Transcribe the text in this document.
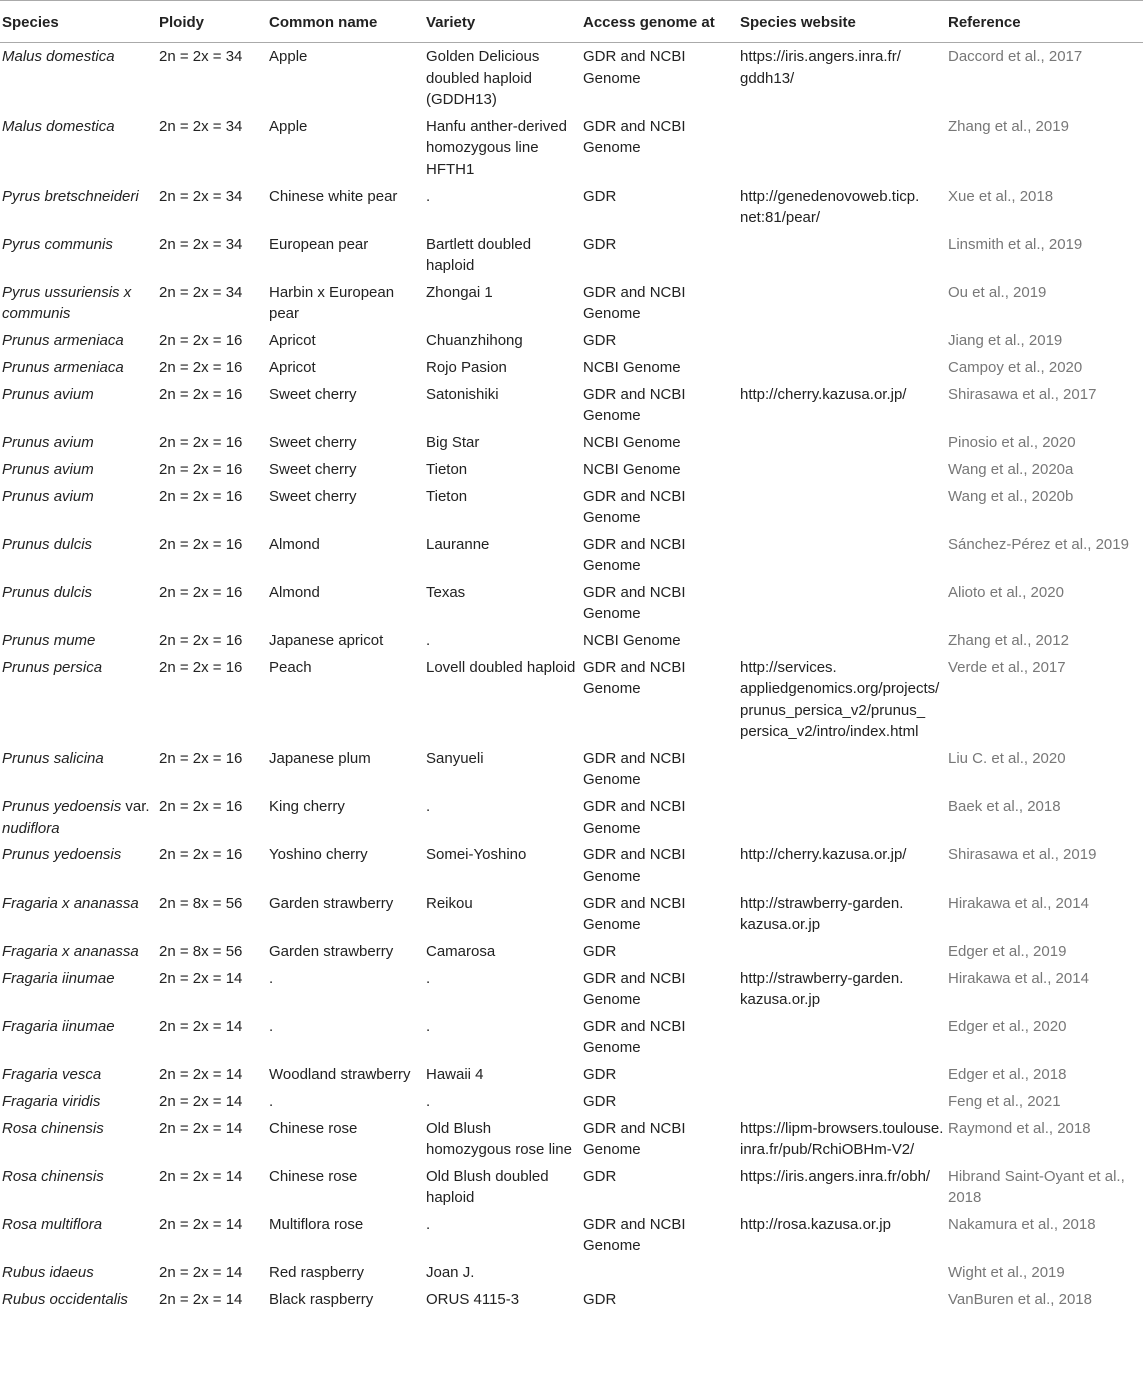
Species	Ploidy	Common name	Variety	Access genome at	Species website	Reference
Malus domestica	2n = 2x = 34	Apple	Golden Delicious doubled haploid (GDDH13)	GDR and NCBI Genome	https:/​/​iris.​angers.​inra.​fr/​gddh13/​	Daccord et al., 2017
Malus domestica	2n = 2x = 34	Apple	Hanfu anther-derived homozygous line HFTH1	GDR and NCBI Genome		Zhang et al., 2019
Pyrus bretschneideri	2n = 2x = 34	Chinese white pear	.	GDR	http:/​/​genedenovoweb.​ticp.​net:81/​pear/​	Xue et al., 2018
Pyrus communis	2n = 2x = 34	European pear	Bartlett doubled haploid	GDR		Linsmith et al., 2019
Pyrus ussuriensis x communis	2n = 2x = 34	Harbin x European pear	Zhongai 1	GDR and NCBI Genome		Ou et al., 2019
Prunus armeniaca	2n = 2x = 16	Apricot	Chuanzhihong	GDR		Jiang et al., 2019
Prunus armeniaca	2n = 2x = 16	Apricot	Rojo Pasion	NCBI Genome		Campoy et al., 2020
Prunus avium	2n = 2x = 16	Sweet cherry	Satonishiki	GDR and NCBI Genome	http:/​/​cherry.​kazusa.​or.​jp/​	Shirasawa et al., 2017
Prunus avium	2n = 2x = 16	Sweet cherry	Big Star	NCBI Genome		Pinosio et al., 2020
Prunus avium	2n = 2x = 16	Sweet cherry	Tieton	NCBI Genome		Wang et al., 2020a
Prunus avium	2n = 2x = 16	Sweet cherry	Tieton	GDR and NCBI Genome		Wang et al., 2020b
Prunus dulcis	2n = 2x = 16	Almond	Lauranne	GDR and NCBI Genome		Sánchez-Pérez et al., 2019
Prunus dulcis	2n = 2x = 16	Almond	Texas	GDR and NCBI Genome		Alioto et al., 2020
Prunus mume	2n = 2x = 16	Japanese apricot	.	NCBI Genome		Zhang et al., 2012
Prunus persica	2n = 2x = 16	Peach	Lovell doubled haploid	GDR and NCBI Genome	http:/​/​services.​appliedgenomics.​org/​projects/​prunus_​persica_​v2/​prunus_​persica_​v2/​intro/​index.​html	Verde et al., 2017
Prunus salicina	2n = 2x = 16	Japanese plum	Sanyueli	GDR and NCBI Genome		Liu C. et al., 2020
Prunus yedoensis var. nudiflora	2n = 2x = 16	King cherry	.	GDR and NCBI Genome		Baek et al., 2018
Prunus yedoensis	2n = 2x = 16	Yoshino cherry	Somei-Yoshino	GDR and NCBI Genome	http:/​/​cherry.​kazusa.​or.​jp/​	Shirasawa et al., 2019
Fragaria x ananassa	2n = 8x = 56	Garden strawberry	Reikou	GDR and NCBI Genome	http:/​/​strawberry-​garden.​kazusa.​or.​jp	Hirakawa et al., 2014
Fragaria x ananassa	2n = 8x = 56	Garden strawberry	Camarosa	GDR		Edger et al., 2019
Fragaria iinumae	2n = 2x = 14	.	.	GDR and NCBI Genome	http:/​/​strawberry-​garden.​kazusa.​or.​jp	Hirakawa et al., 2014
Fragaria iinumae	2n = 2x = 14	.	.	GDR and NCBI Genome		Edger et al., 2020
Fragaria vesca	2n = 2x = 14	Woodland strawberry	Hawaii 4	GDR		Edger et al., 2018
Fragaria viridis	2n = 2x = 14	.	.	GDR		Feng et al., 2021
Rosa chinensis	2n = 2x = 14	Chinese rose	Old Blush homozygous rose line	GDR and NCBI Genome	https:/​/​lipm-​browsers.​toulouse.​inra.​fr/​pub/​RchiOBHm-​V2/​	Raymond et al., 2018
Rosa chinensis	2n = 2x = 14	Chinese rose	Old Blush doubled haploid	GDR	https:/​/​iris.​angers.​inra.​fr/​obh/​	Hibrand Saint-Oyant et al., 2018
Rosa multiflora	2n = 2x = 14	Multiflora rose	.	GDR and NCBI Genome	http:/​/​rosa.​kazusa.​or.​jp	Nakamura et al., 2018
Rubus idaeus	2n = 2x = 14	Red raspberry	Joan J.			Wight et al., 2019
Rubus occidentalis	2n = 2x = 14	Black raspberry	ORUS 4115-3	GDR		VanBuren et al., 2018
